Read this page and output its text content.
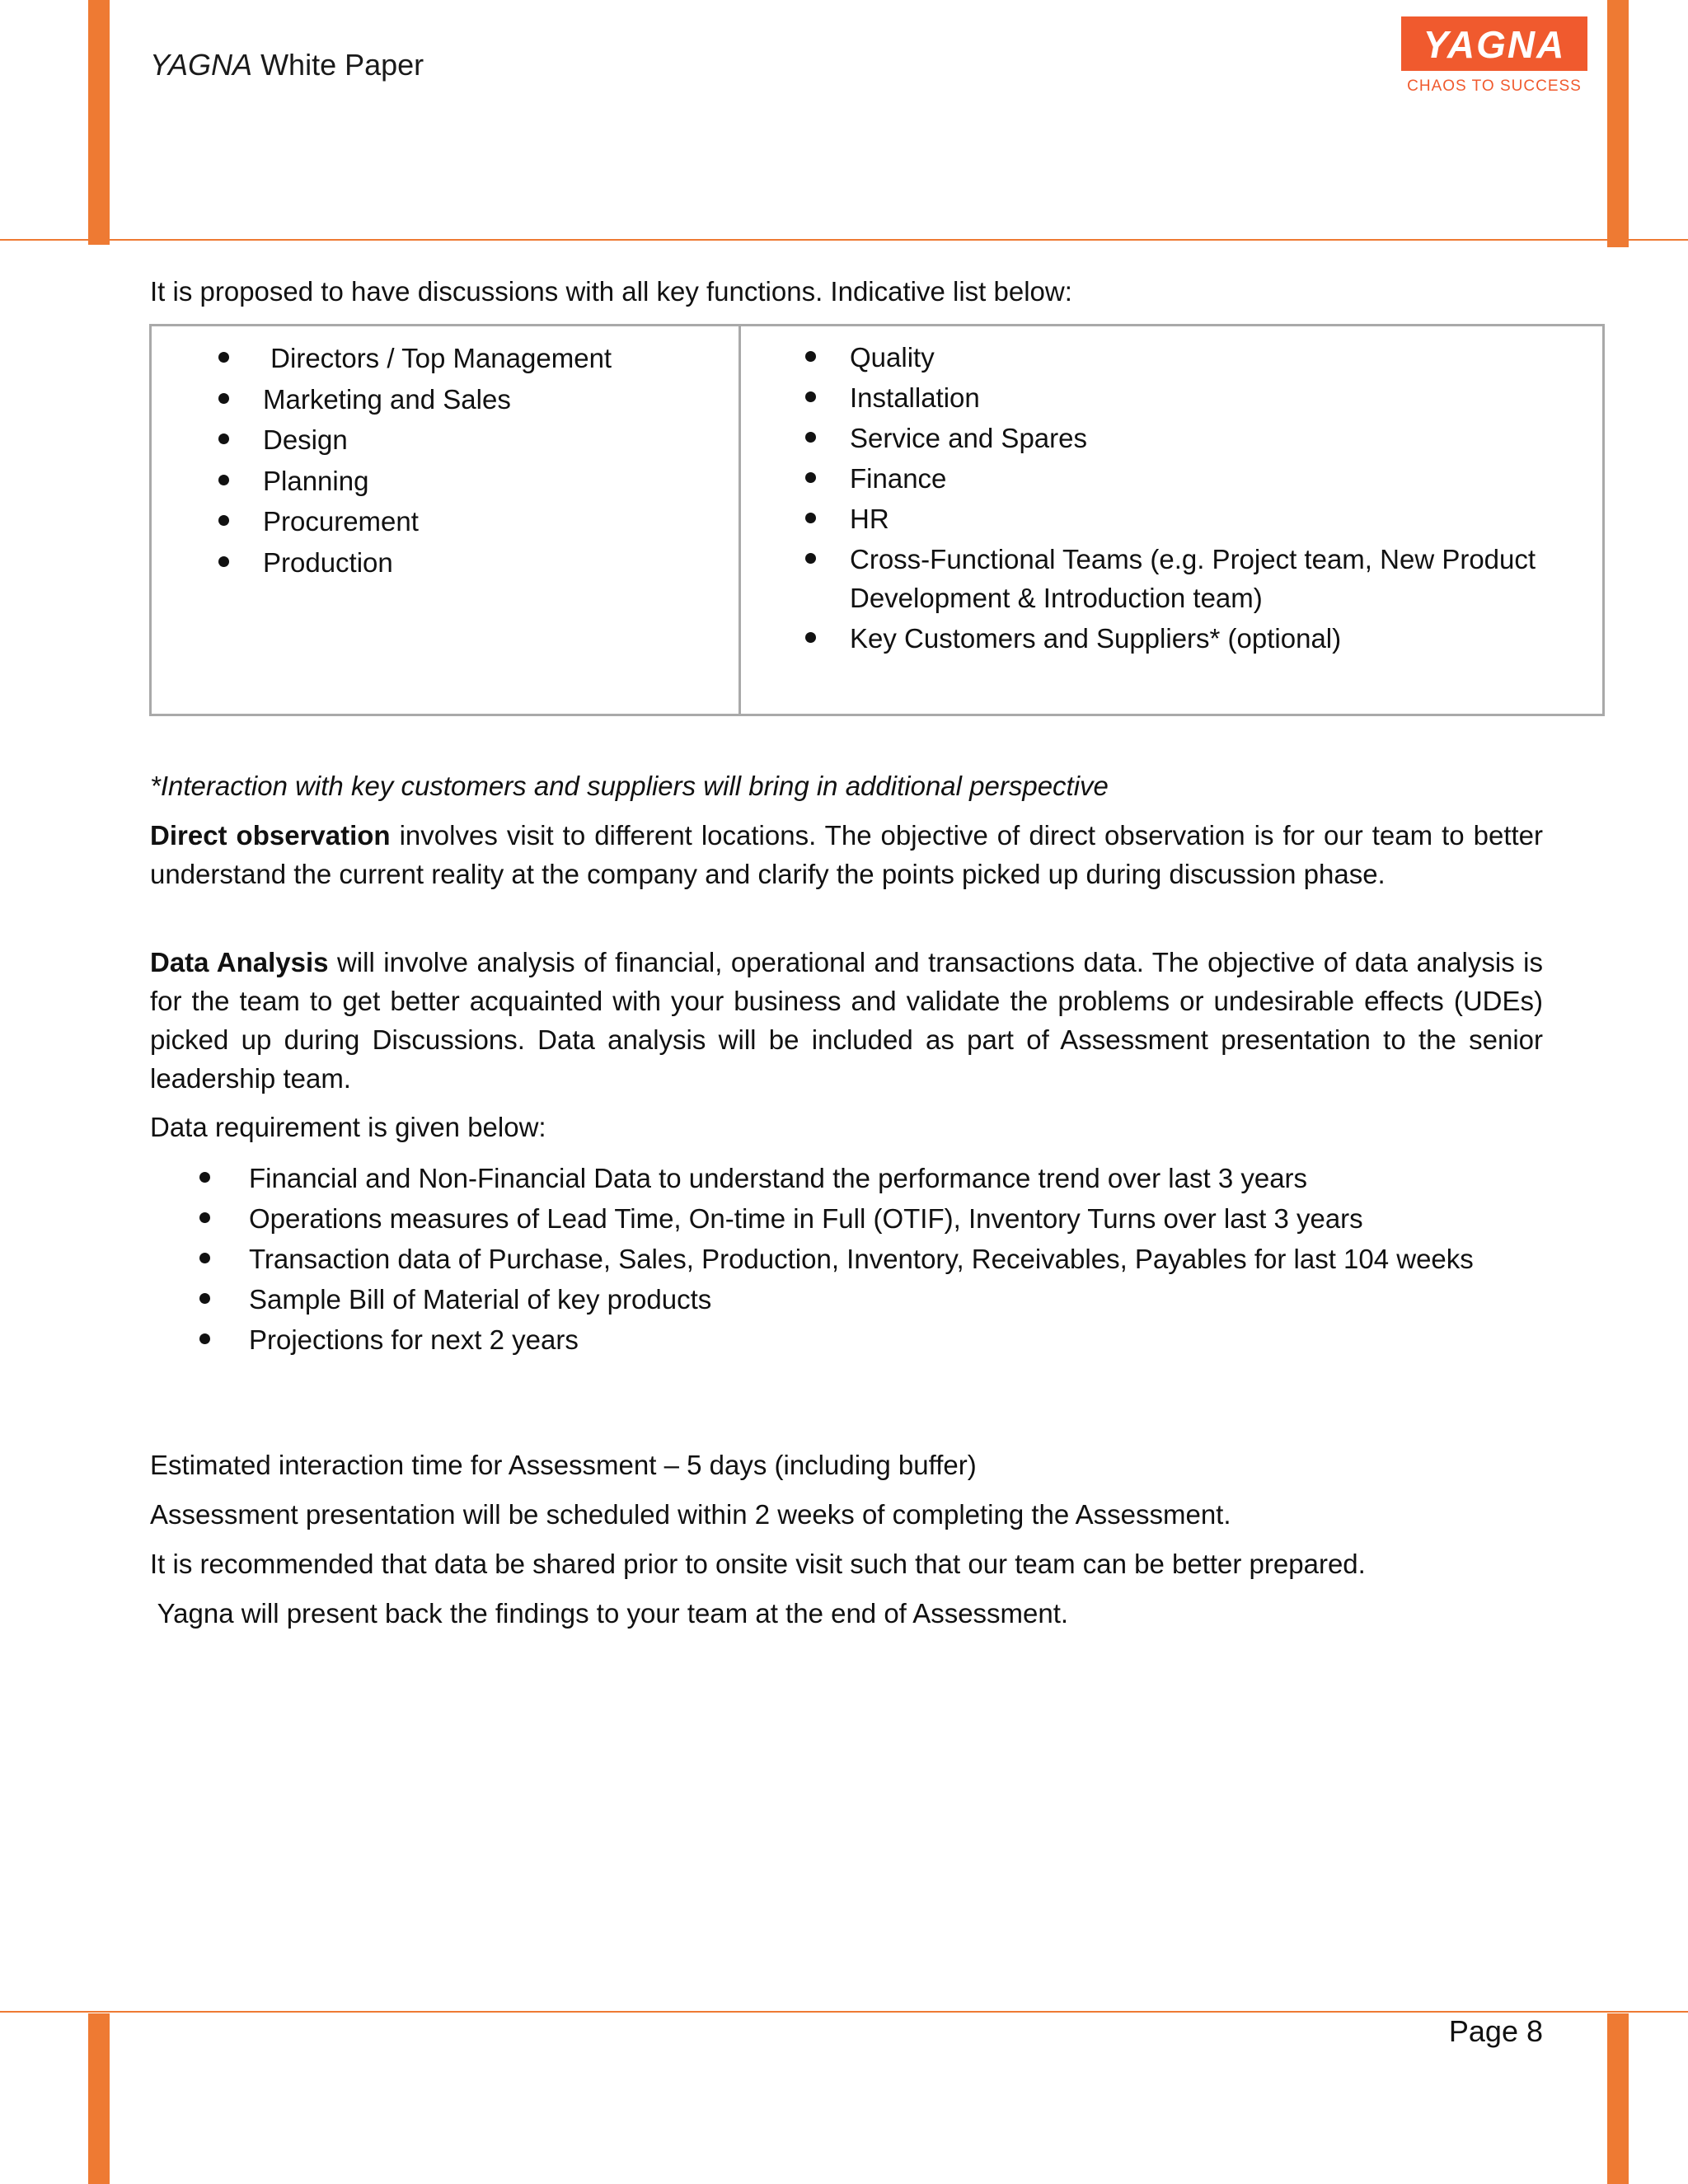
YAGNA White Paper	YAGNA
CHAOS TO SUCCESS
It is proposed to have discussions with all key functions. Indicative list below:
Directors / Top Management
Marketing and Sales
Design
Planning
Procurement
Production
Quality
Installation
Service and Spares
Finance
HR
Cross-Functional Teams (e.g. Project team, New Product Development & Introduction team)
Key Customers and Suppliers* (optional)
*Interaction with key customers and suppliers will bring in additional perspective
Direct observation involves visit to different locations. The objective of direct observation is for our team to better understand the current reality at the company and clarify the points picked up during discussion phase.
Data Analysis will involve analysis of financial, operational and transactions data. The objective of data analysis is for the team to get better acquainted with your business and validate the problems or undesirable effects (UDEs) picked up during Discussions. Data analysis will be included as part of Assessment presentation to the senior leadership team.
Data requirement is given below:
Financial and Non-Financial Data to understand the performance trend over last 3 years
Operations measures of Lead Time, On-time in Full (OTIF), Inventory Turns over last 3 years
Transaction data of Purchase, Sales, Production, Inventory, Receivables, Payables for last 104 weeks
Sample Bill of Material of key products
Projections for next 2 years
Estimated interaction time for Assessment – 5 days (including buffer)
Assessment presentation will be scheduled within 2 weeks of completing the Assessment.
It is recommended that data be shared prior to onsite visit such that our team can be better prepared.
Yagna will present back the findings to your team at the end of Assessment.
Page 8
